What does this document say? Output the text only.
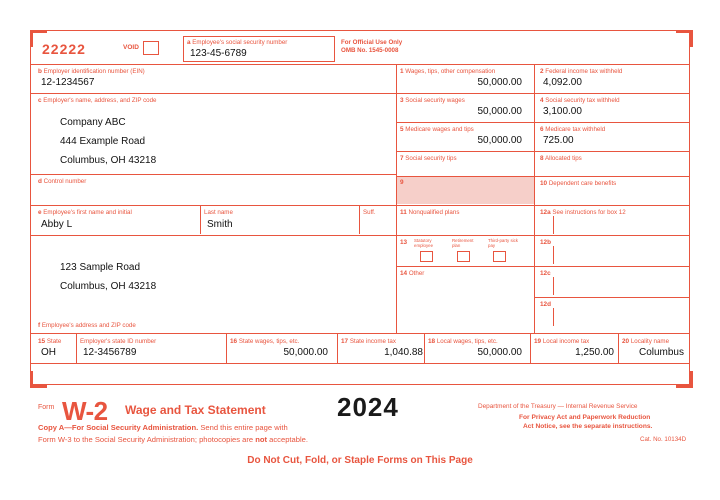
22222	VOID
a Employee's social security number
123-45-6789
For Official Use Only
OMB No. 1545-0008
b Employer identification number (EIN)
12-1234567
c Employer's name, address, and ZIP code
Company ABC
444 Example Road
Columbus, OH 43218
d Control number
e Employee's first name and initial
Abby L
Last name
Smith
Suff.
123 Sample Road
Columbus, OH 43218
f Employee's address and ZIP code
1 Wages, tips, other compensation
50,000.00
2 Federal income tax withheld
4,092.00
3 Social security wages
50,000.00
4 Social security tax withheld
3,100.00
5 Medicare wages and tips
50,000.00
6 Medicare tax withheld
725.00
7 Social security tips	8 Allocated tips
9	10 Dependent care benefits
11 Nonqualified plans	12a See instructions for box 12
13 Statutory employee
Retirement plan
Third-party sick pay	12b
14 Other	12c
12d
15 State
OH
Employer's state ID number
12-3456789
16 State wages, tips, etc.
50,000.00
17 State income tax
1,040.88
18 Local wages, tips, etc.
50,000.00
19 Local income tax
1,250.00
20 Locality name
Columbus
Form W-2 Wage and Tax Statement	2024	Department of the Treasury — Internal Revenue Service
For Privacy Act and Paperwork Reduction
Act Notice, see the separate instructions.
Copy A—For Social Security Administration. Send this entire page with
Form W-3 to the Social Security Administration; photocopies are not acceptable.	Cat. No. 10134D
Do Not Cut, Fold, or Staple Forms on This Page
